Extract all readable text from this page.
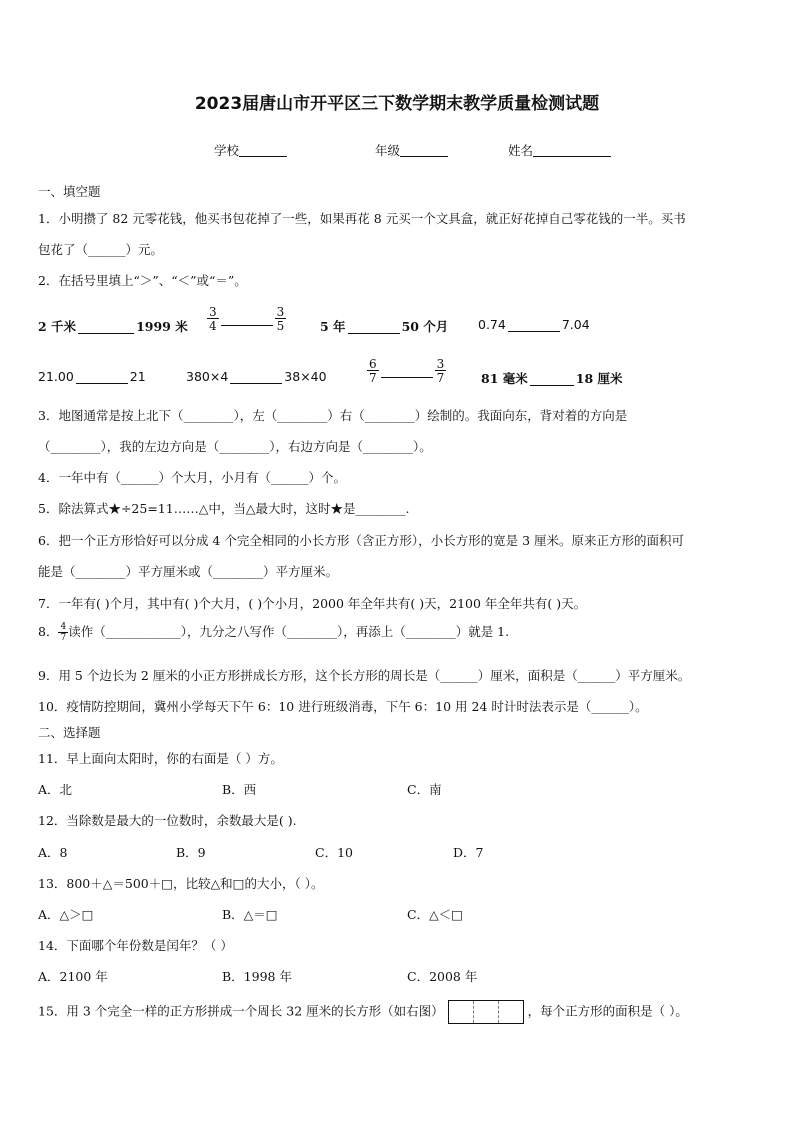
2023届唐山市开平区三下数学期末教学质量检测试题
学校	年级	姓名
一、填空题
1．小明攒了 82 元零花钱，他买书包花掉了一些，如果再花 8 元买一个文具盒，就正好花掉自己零花钱的一半。买书
包花了（______）元。
2．在括号里填上“＞”、“＜”或“＝”。
2 千米	1999 米 $\frac{3}{4}$	$\frac{3}{5}$	5 年	50 个月 0.74	7.04
21.00	21	380×4	38×40	$\frac{6}{7}$	$\frac{3}{7}$	81 毫米	18 厘米
3．地图通常是按上北下（________），左（________）右（________）绘制的。我面向东，背对着的方向是
（________），我的左边方向是（________），右边方向是（________）。
4．一年中有（______）个大月，小月有（______）个。
5．除法算式★÷25=11……△中，当△最大时，这时★是________.
6．把一个正方形恰好可以分成 4 个完全相同的小长方形（含正方形），小长方形的宽是 3 厘米。原来正方形的面积可
能是（________）平方厘米或（________）平方厘米。
7．一年有( )个月，其中有( )个大月，( )个小月，2000 年全年共有( )天，2100 年全年共有( )天。
8． $\frac{4}{7}$ 读作（____________），九分之八写作（________），再添上（________）就是 1.
9．用 5 个边长为 2 厘米的小正方形拼成长方形，这个长方形的周长是（______）厘米，面积是（______）平方厘米。
10．疫情防控期间，冀州小学每天下午 6：10 进行班级消毒，下午 6：10 用 24 时计时法表示是（______）。
二、选择题
11．早上面向太阳时，你的右面是（ ）方。
A．北	B．西	C．南
12．当除数是最大的一位数时，余数最大是( ).
A．8	B．9	C．10	D．7
13．800＋△＝500＋□，比较△和□的大小，（ ）。
A．△＞□	B．△＝□	C．△＜□
14．下面哪个年份数是闰年？（ ）
A．2100 年	B．1998 年	C．2008 年
15．用 3 个完全一样的正方形拼成一个周长 32 厘米的长方形（如右图）	，每个正方形的面积是（ ）。
